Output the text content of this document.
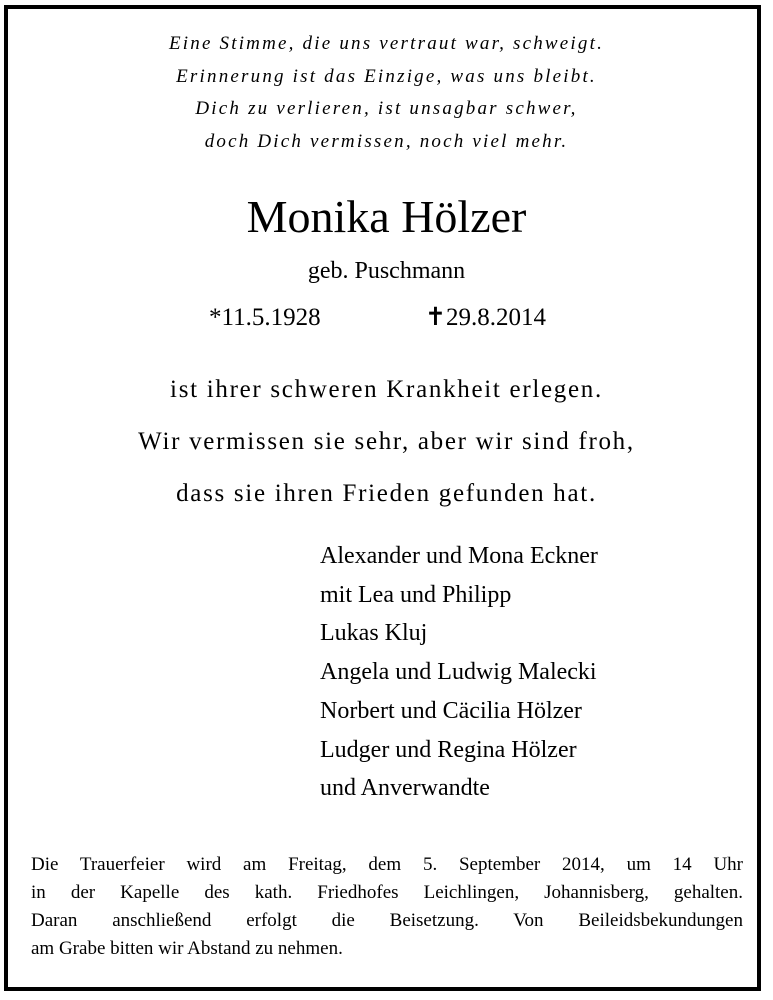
Eine Stimme, die uns vertraut war, schweigt.
Erinnerung ist das Einzige, was uns bleibt.
Dich zu verlieren, ist unsagbar schwer,
doch Dich vermissen, noch viel mehr.
Monika Hölzer
geb. Puschmann
*11.5.1928	✝29.8.2014
ist ihrer schweren Krankheit erlegen.
Wir vermissen sie sehr, aber wir sind froh,
dass sie ihren Frieden gefunden hat.
Alexander und Mona Eckner
mit Lea und Philipp
Lukas Kluj
Angela und Ludwig Malecki
Norbert und Cäcilia Hölzer
Ludger und Regina Hölzer
und Anverwandte
Die Trauerfeier wird am Freitag, dem 5. September 2014, um 14 Uhr
in der Kapelle des kath. Friedhofes Leichlingen, Johannisberg, gehalten.
Daran anschließend erfolgt die Beisetzung. Von Beileidsbekundungen
am Grabe bitten wir Abstand zu nehmen.
